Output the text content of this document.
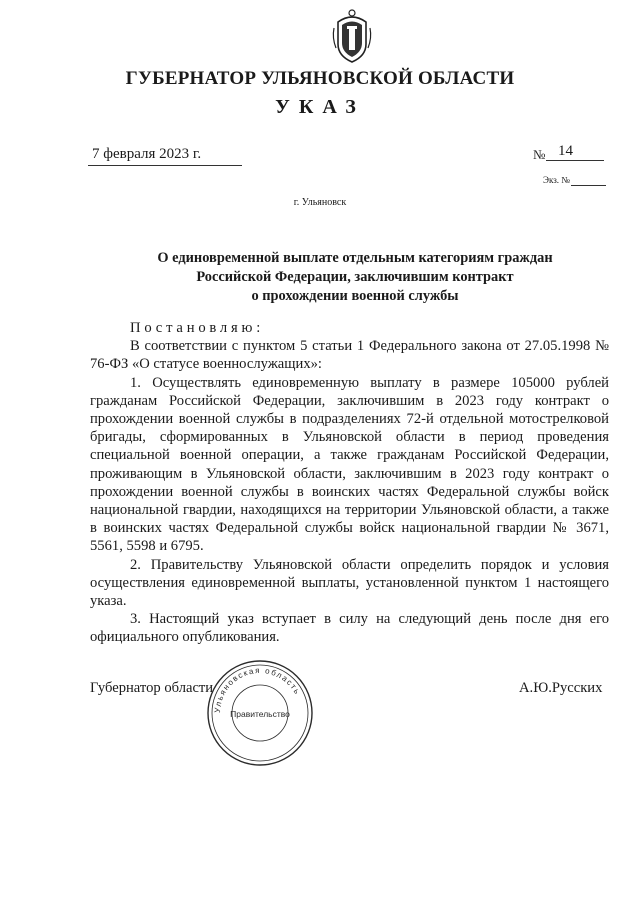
ГУБЕРНАТОР УЛЬЯНОВСКОЙ ОБЛАСТИ
УКАЗ
7 февраля 2023 г.	№ 14
Экз. №
г. Ульяновск
О единовременной выплате отдельным категориям граждан
Российской Федерации, заключившим контракт
о прохождении военной службы

Постановляю:

В соответствии с пунктом 5 статьи 1 Федерального закона от 27.05.1998 № 76-ФЗ «О статусе военнослужащих»:

1. Осуществлять единовременную выплату в размере 105000 рублей гражданам Российской Федерации, заключившим в 2023 году контракт о прохождении военной службы в подразделениях 72-й отдельной мотострелковой бригады, сформированных в Ульяновской области в период проведения специальной военной операции, а также гражданам Российской Федерации, проживающим в Ульяновской области, заключившим в 2023 году контракт о прохождении военной службы в воинских частях Федеральной службы войск национальной гвардии, находящихся на территории Ульяновской области, а также в воинских частях Федеральной службы войск национальной гвардии № 3671, 5561, 5598 и 6795.

2. Правительству Ульяновской области определить порядок и условия осуществления единовременной выплаты, установленной пунктом 1 настоящего указа.

3. Настоящий указ вступает в силу на следующий день после дня его официального опубликования.

Губернатор области	А.Ю.Русских
Ульяновская область
Правительство
